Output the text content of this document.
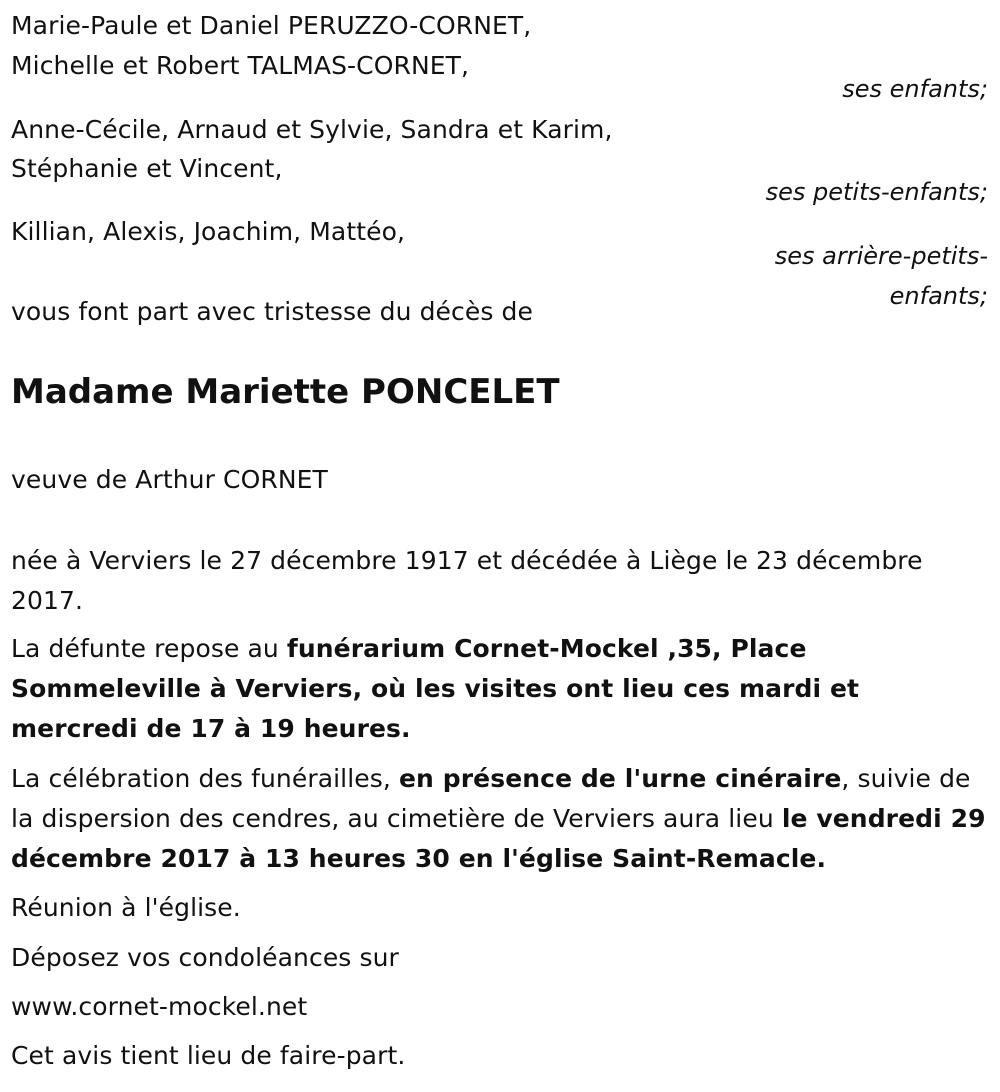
Marie-Paule et Daniel PERUZZO-CORNET,
Michelle et Robert TALMAS-CORNET,
ses enfants;
Anne-Cécile, Arnaud et Sylvie, Sandra et Karim,
Stéphanie et Vincent,
ses petits-enfants;
Killian, Alexis, Joachim, Mattéo,
ses arrière-petits-enfants;
vous font part avec tristesse du décès de
Madame Mariette PONCELET
veuve de Arthur CORNET
née à Verviers le 27 décembre 1917 et décédée à Liège le 23 décembre 2017.
La défunte repose au funérarium Cornet-Mockel ,35, Place Sommeleville à Verviers, où les visites ont lieu ces mardi et mercredi de 17 à 19 heures.
La célébration des funérailles, en présence de l'urne cinéraire, suivie de la dispersion des cendres, au cimetière de Verviers aura lieu le vendredi 29 décembre 2017 à 13 heures 30 en l'église Saint-Remacle.
Réunion à l'église.
Déposez vos condoléances sur
www.cornet-mockel.net
Cet avis tient lieu de faire-part.
